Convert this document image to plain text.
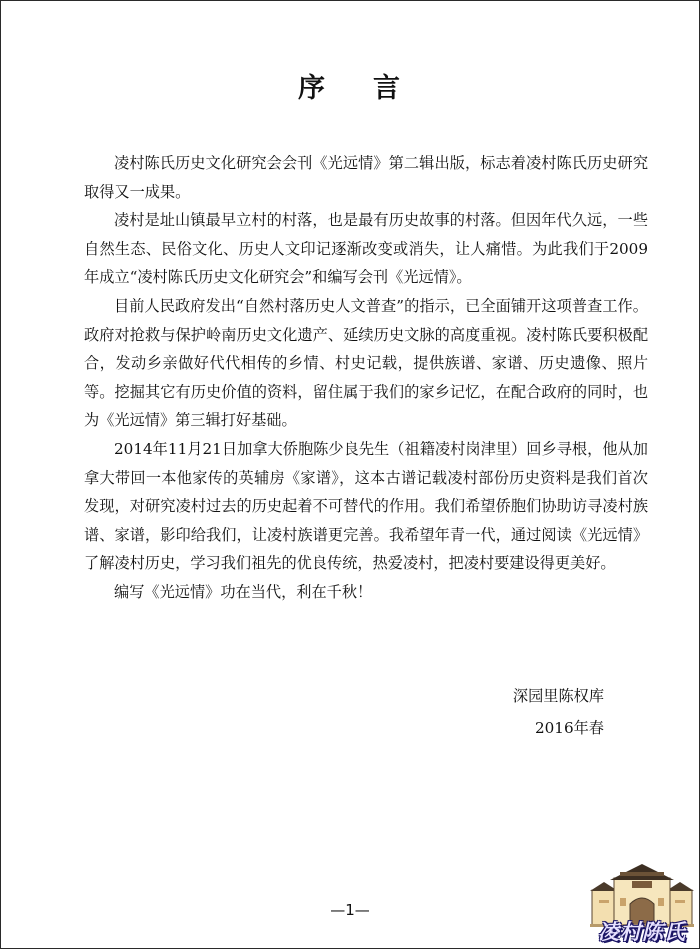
序 言

凌村陈氏历史文化研究会会刊《光远情》第二辑出版，标志着凌村陈氏历史研究取得又一成果。

凌村是址山镇最早立村的村落，也是最有历史故事的村落。但因年代久远，一些自然生态、民俗文化、历史人文印记逐渐改变或消失，让人痛惜。为此我们于2009年成立“凌村陈氏历史文化研究会”和编写会刊《光远情》。

目前人民政府发出“自然村落历史人文普查”的指示，已全面铺开这项普查工作。政府对抢救与保护岭南历史文化遗产、延续历史文脉的高度重视。凌村陈氏要积极配合，发动乡亲做好代代相传的乡情、村史记载，提供族谱、家谱、历史遗像、照片等。挖掘其它有历史价值的资料，留住属于我们的家乡记忆，在配合政府的同时，也为《光远情》第三辑打好基础。

2014年11月21日加拿大侨胞陈少良先生（祖籍凌村岗津里）回乡寻根，他从加拿大带回一本他家传的英辅房《家谱》，这本古谱记载凌村部份历史资料是我们首次发现，对研究凌村过去的历史起着不可替代的作用。我们希望侨胞们协助访寻凌村族谱、家谱，影印给我们，让凌村族谱更完善。我希望年青一代，通过阅读《光远情》了解凌村历史，学习我们祖先的优良传统，热爱凌村，把凌村要建设得更美好。

编写《光远情》功在当代，利在千秋！

深园里陈权库
2016年春
—1—
凌村陈氏
